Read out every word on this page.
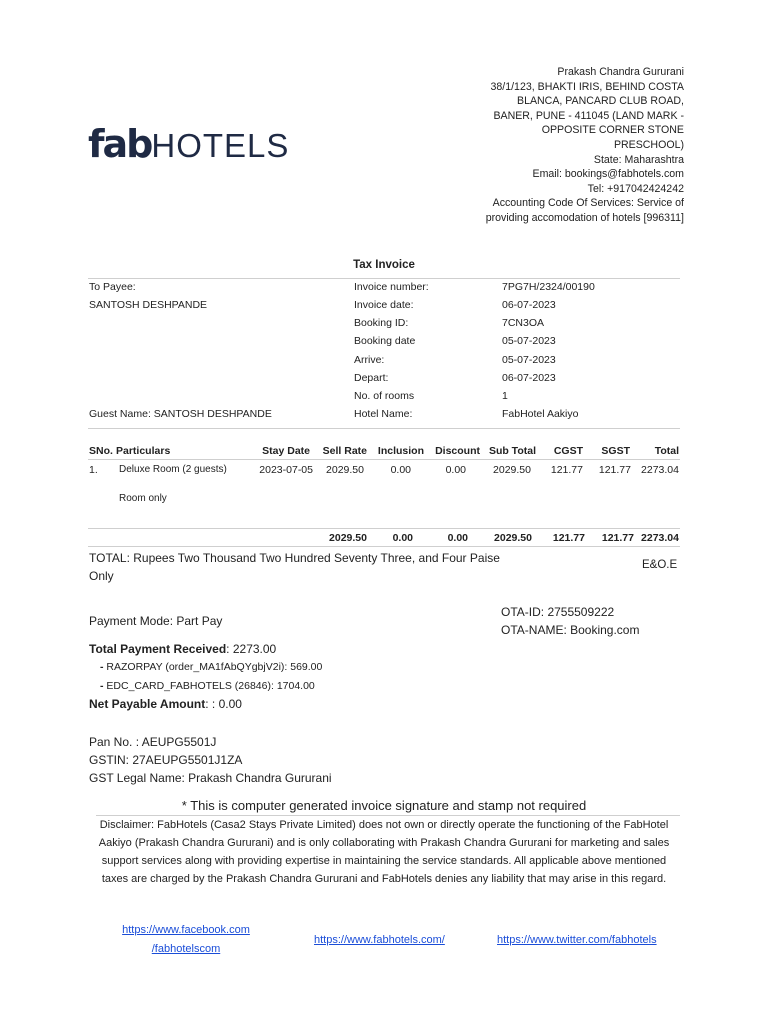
fabHOTELS
Prakash Chandra Gururani
38/1/123, BHAKTI IRIS, BEHIND COSTA
BLANCA, PANCARD CLUB ROAD,
BANER, PUNE - 411045 (LAND MARK -
OPPOSITE CORNER STONE
PRESCHOOL)
State: Maharashtra
Email: bookings@fabhotels.com
Tel: +917042424242
Accounting Code Of Services: Service of
providing accomodation of hotels [996311]
Tax Invoice
To Payee:
SANTOSH DESHPANDE
Guest Name: SANTOSH DESHPANDE
Invoice number:	7PG7H/2324/00190
Invoice date:	06-07-2023
Booking ID:	7CN3OA
Booking date	05-07-2023
Arrive:	05-07-2023
Depart:	06-07-2023
No. of rooms	1
Hotel Name:	FabHotel Aakiyo
SNo. Particulars	Stay Date	Sell Rate	Inclusion	Discount Sub Total	CGST	SGST	Total
1. Deluxe Room (2 guests)
Room only
2023-07-05	2029.50	0.00	0.00	2029.50	121.77	121.77 2273.04
2029.50	0.00	0.00	2029.50	121.77	121.77 2273.04
TOTAL: Rupees Two Thousand Two Hundred Seventy Three, and Four Paise
Only
E&O.E
Payment Mode: Part Pay
OTA-ID: 2755509222
OTA-NAME: Booking.com
Total Payment Received: 2273.00
- RAZORPAY (order_MA1fAbQYgbjV2i): 569.00
- EDC_CARD_FABHOTELS (26846): 1704.00
Net Payable Amount: : 0.00
Pan No. : AEUPG5501J
GSTIN: 27AEUPG5501J1ZA
GST Legal Name: Prakash Chandra Gururani
* This is computer generated invoice signature and stamp not required
Disclaimer: FabHotels (Casa2 Stays Private Limited) does not own or directly operate the functioning of the FabHotel Aakiyo (Prakash Chandra Gururani) and is only collaborating with Prakash Chandra Gururani for marketing and sales support services along with providing expertise in maintaining the service standards. All applicable above mentioned taxes are charged by the Prakash Chandra Gururani and FabHotels denies any liability that may arise in this regard.
https://www.facebook.com
/fabhotelscom
https://www.fabhotels.com/	https://www.twitter.com/fabhotels
